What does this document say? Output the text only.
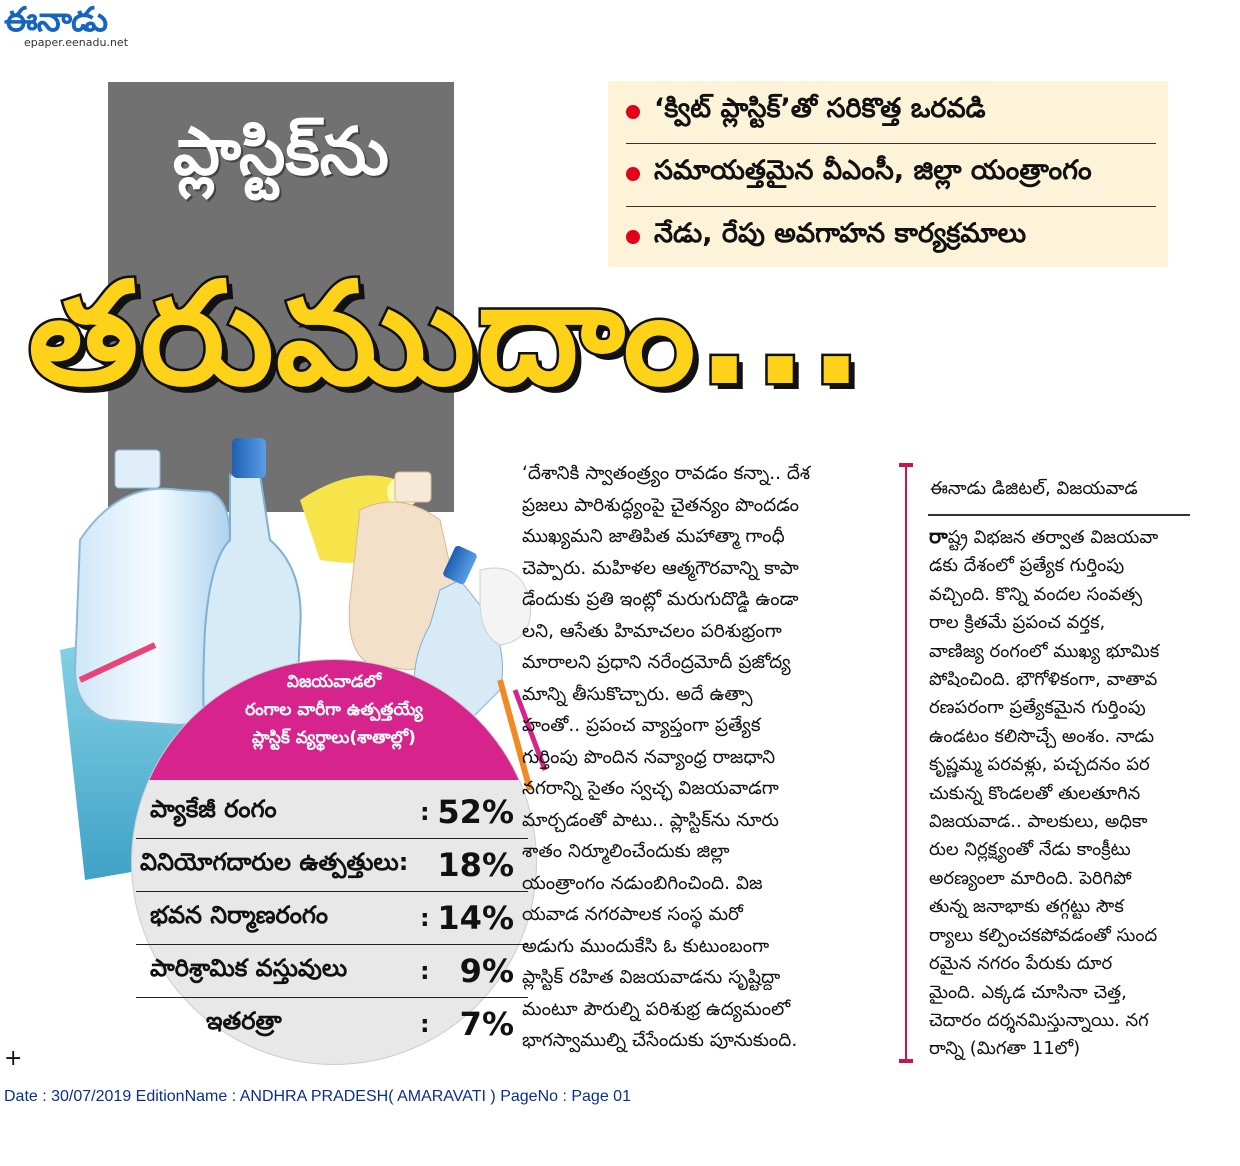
ఈనాడు
epaper.eenadu.net
ప్లాస్టిక్‌ను
‘క్విట్ ప్లాస్టిక్’తో సరికొత్త ఒరవడి
సమాయత్తమైన వీఎంసీ, జిల్లా యంత్రాంగం
నేడు, రేపు అవగాహన కార్యక్రమాలు
తరుముదాం...
విజయవాడలో
రంగాల వారీగా ఉత్పత్తయ్యే
ప్లాస్టిక్ వ్యర్థాలు(శాతాల్లో)
ప్యాకేజీ రంగం	: 52%
వినియోగదారుల ఉత్పత్తులు: 18%
భవన నిర్మాణరంగం	: 14%
పారిశ్రామిక వస్తువులు	: 9%
ఇతరత్రా	: 7%
‘దేశానికి స్వాతంత్ర్యం రావడం కన్నా.. దేశ
ప్రజలు పారిశుద్ధ్యంపై చైతన్యం పొందడం
ముఖ్యమని జాతిపిత మహాత్మా గాంధీ
చెప్పారు. మహిళల ఆత్మగౌరవాన్ని కాపా
డేందుకు ప్రతి ఇంట్లో మరుగుదొడ్డి ఉండా
లని, ఆసేతు హిమాచలం పరిశుభ్రంగా
మారాలని ప్రధాని నరేంద్రమోదీ ప్రజోద్య
మాన్ని తీసుకొచ్చారు. అదే ఉత్సా
హంతో.. ప్రపంచ వ్యాప్తంగా ప్రత్యేక
గుర్తింపు పొందిన నవ్యాంధ్ర రాజధాని
నగరాన్ని సైతం స్వచ్ఛ విజయవాడగా
మార్చడంతో పాటు.. ప్లాస్టిక్‌ను నూరు
శాతం నిర్మూలించేందుకు జిల్లా
యంత్రాంగం నడుంబిగించింది. విజ
యవాడ నగరపాలక సంస్థ మరో
అడుగు ముందుకేసి ఓ కుటుంబంగా
ప్లాస్టిక్ రహిత విజయవాడను సృష్టిద్దా
మంటూ పౌరుల్ని పరిశుభ్ర ఉద్యమంలో
భాగస్వాముల్ని చేసేందుకు పూనుకుంది.
ఈనాడు డిజిటల్, విజయవాడ
రాష్ట్ర విభజన తర్వాత విజయవా
డకు దేశంలో ప్రత్యేక గుర్తింపు
వచ్చింది. కొన్ని వందల సంవత్స
రాల క్రితమే ప్రపంచ వర్తక,
వాణిజ్య రంగంలో ముఖ్య భూమిక
పోషించింది. భౌగోళికంగా, వాతావ
రణపరంగా ప్రత్యేకమైన గుర్తింపు
ఉండటం కలిసొచ్చే అంశం. నాడు
కృష్ణమ్మ పరవళ్లు, పచ్చదనం పర
చుకున్న కొండలతో తులతూగిన
విజయవాడ.. పాలకులు, అధికా
రుల నిర్లక్ష్యంతో నేడు కాంక్రీటు
అరణ్యంలా మారింది. పెరిగిపో
తున్న జనాభాకు తగ్గట్టు సౌక
ర్యాలు కల్పించకపోవడంతో సుంద
రమైన నగరం పేరుకు దూర
మైంది. ఎక్కడ చూసినా చెత్త,
చెదారం దర్శనమిస్తున్నాయి. నగ
రాన్ని (మిగతా 11లో)
+
Date : 30/07/2019 EditionName : ANDHRA PRADESH( AMARAVATI ) PageNo : Page 01
